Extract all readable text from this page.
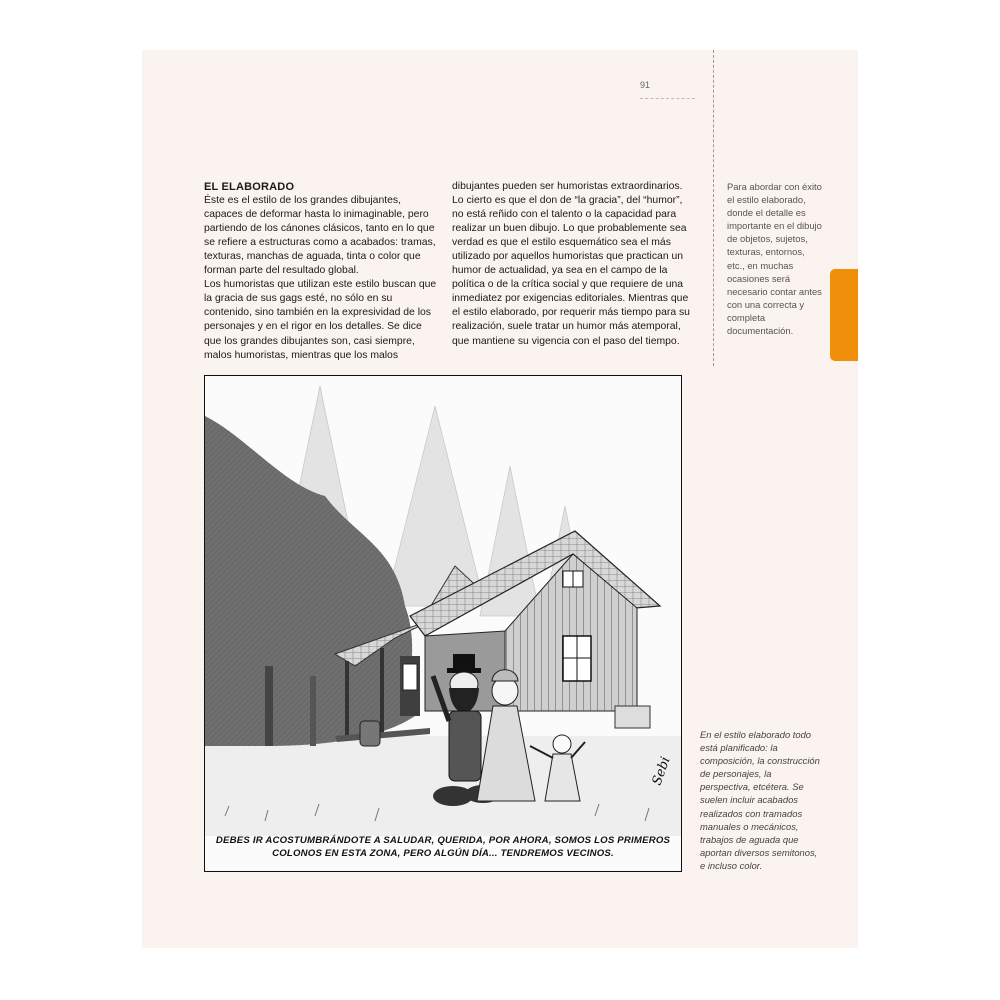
91

EL ELABORADO

Éste es el estilo de los grandes dibujantes, capaces de deformar hasta lo inimaginable, pero partiendo de los cánones clásicos, tanto en lo que se refiere a estructuras como a acabados: tramas, texturas, manchas de aguada, tinta o color que forman parte del resultado global.

Los humoristas que utilizan este estilo buscan que la gracia de sus gags esté, no sólo en su contenido, sino también en la expresividad de los personajes y en el rigor en los detalles. Se dice que los grandes dibujantes son, casi siempre, malos humoristas, mientras que los malos

dibujantes pueden ser humoristas extraordinarios. Lo cierto es que el don de “la gracia”, del “humor”, no está reñido con el talento o la capacidad para realizar un buen dibujo. Lo que probablemente sea verdad es que el estilo esquemático sea el más utilizado por aquellos humoristas que practican un humor de actualidad, ya sea en el campo de la política o de la crítica social y que requiere de una inmediatez por exigencias editoriales. Mientras que el estilo elaborado, por requerir más tiempo para su realización, suele tratar un humor más atemporal, que mantiene su vigencia con el paso del tiempo.

Para abordar con éxito el estilo elaborado, donde el detalle es importante en el dibujo de objetos, sujetos, texturas, entornos, etc., en muchas ocasiones será necesario contar antes con una correcta y completa documentación.
Sebi
DEBES IR ACOSTUMBRÁNDOTE A SALUDAR, QUERIDA, POR AHORA, SOMOS LOS PRIMEROS
COLONOS EN ESTA ZONA, PERO ALGÚN DÍA... TENDREMOS VECINOS.
En el estilo elaborado todo está planificado: la composición, la construcción de personajes, la perspectiva, etcétera. Se suelen incluir acabados realizados con tramados manuales o mecánicos, trabajos de aguada que aportan diversos semitonos, e incluso color.
